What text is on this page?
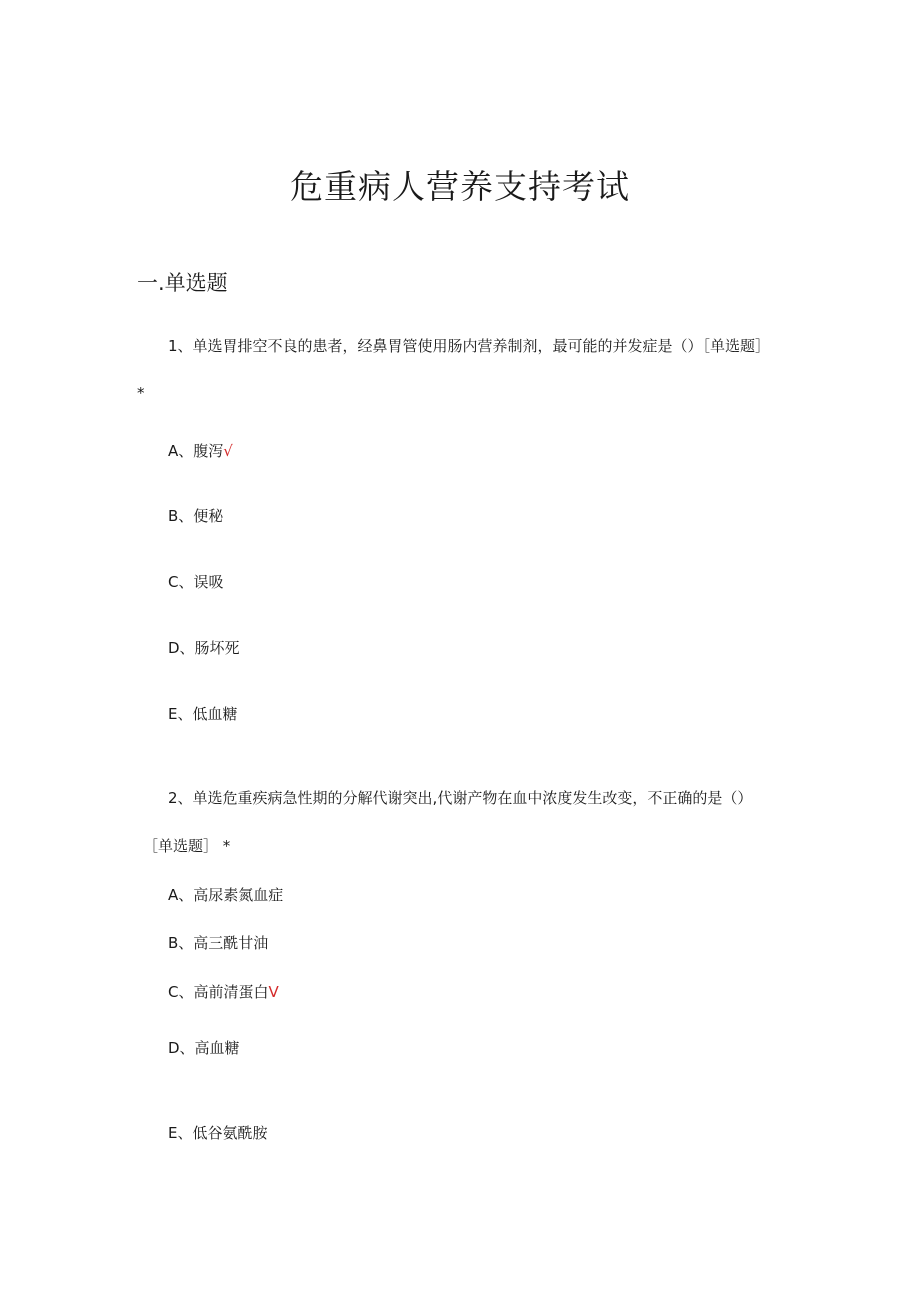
危重病人营养支持考试
一.单选题
1、单选胃排空不良的患者，经鼻胃管使用肠内营养制剂，最可能的并发症是（）［单选题］
*
A、腹泻√
B、便秘
C、误吸
D、肠坏死
E、低血糖
2、单选危重疾病急性期的分解代谢突出,代谢产物在血中浓度发生改变，不正确的是（）
［单选题］ *
A、高尿素氮血症
B、高三酰甘油
C、高前清蛋白V
D、高血糖
E、低谷氨酰胺
